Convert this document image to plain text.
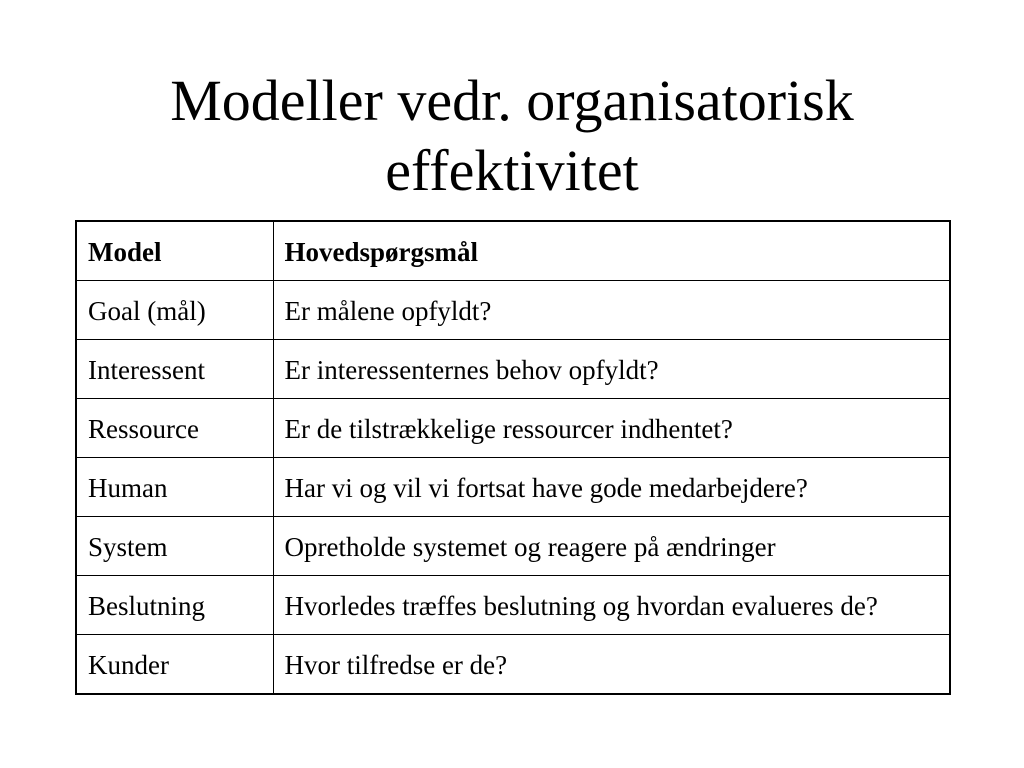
Modeller vedr. organisatorisk
effektivitet
Model	Hovedspørgsmål
Goal (mål)	Er målene opfyldt?
Interessent	Er interessenternes behov opfyldt?
Ressource	Er de tilstrækkelige ressourcer indhentet?
Human	Har vi og vil vi fortsat have gode medarbejdere?
System	Opretholde systemet og reagere på ændringer
Beslutning	Hvorledes træffes beslutning og hvordan evalueres de?
Kunder	Hvor tilfredse er de?
